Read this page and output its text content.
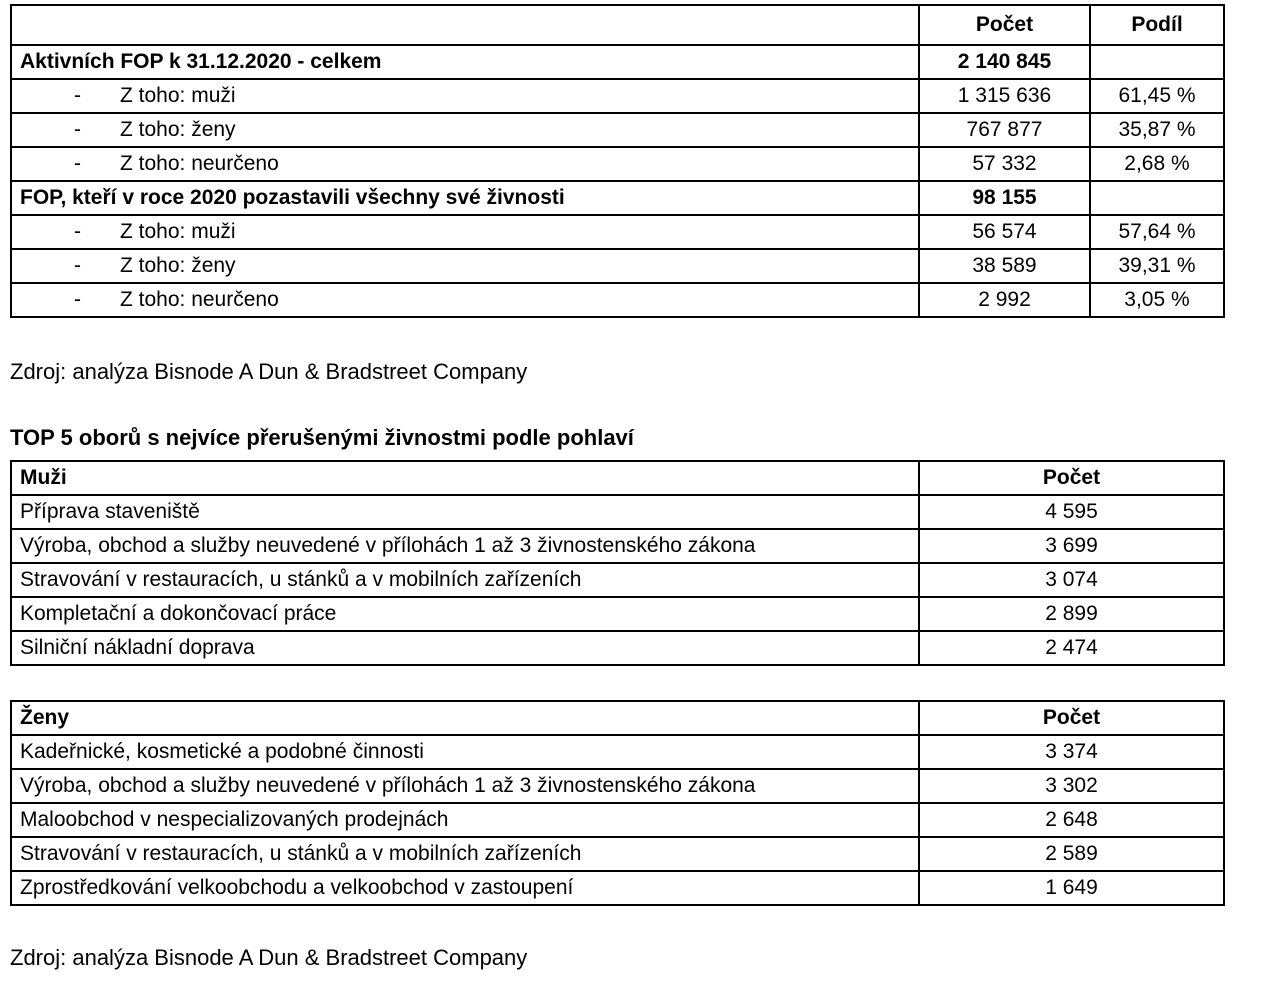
	Počet	Podíl
Aktivních FOP k 31.12.2020 - celkem	2 140 845	
- Z toho: muži	1 315 636	61,45 %
- Z toho: ženy	767 877	35,87 %
- Z toho: neurčeno	57 332	2,68 %
FOP, kteří v roce 2020 pozastavili všechny své živnosti	98 155	
- Z toho: muži	56 574	57,64 %
- Z toho: ženy	38 589	39,31 %
- Z toho: neurčeno	2 992	3,05 %
Zdroj: analýza Bisnode A Dun & Bradstreet Company
TOP 5 oborů s nejvíce přerušenými živnostmi podle pohlaví
Muži	Počet
Příprava staveniště	4 595
Výroba, obchod a služby neuvedené v přílohách 1 až 3 živnostenského zákona	3 699
Stravování v restauracích, u stánků a v mobilních zařízeních	3 074
Kompletační a dokončovací práce	2 899
Silniční nákladní doprava	2 474
Ženy	Počet
Kadeřnické, kosmetické a podobné činnosti	3 374
Výroba, obchod a služby neuvedené v přílohách 1 až 3 živnostenského zákona	3 302
Maloobchod v nespecializovaných prodejnách	2 648
Stravování v restauracích, u stánků a v mobilních zařízeních	2 589
Zprostředkování velkoobchodu a velkoobchod v zastoupení	1 649
Zdroj: analýza Bisnode A Dun & Bradstreet Company
